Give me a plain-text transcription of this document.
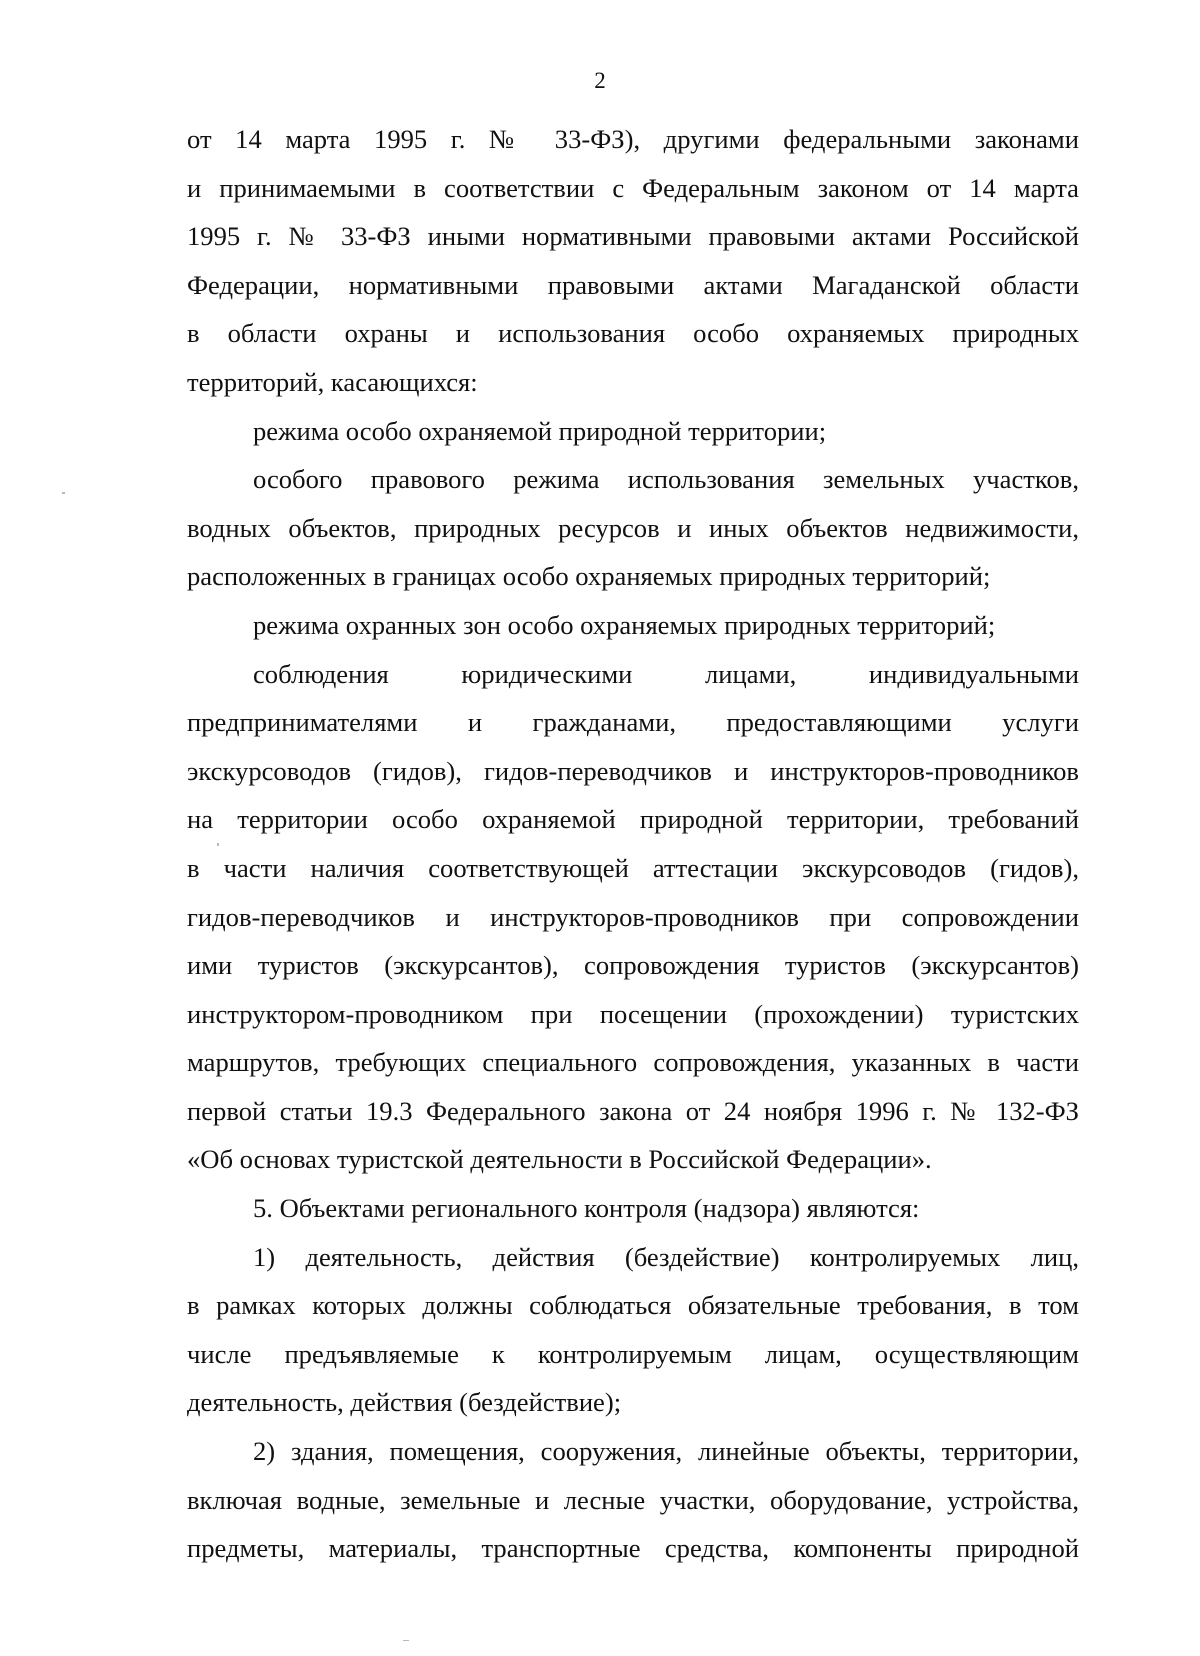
2

от 14 марта 1995 г. № 33-ФЗ), другими федеральными законами

и принимаемыми в соответствии с Федеральным законом от 14 марта

1995 г. № 33-ФЗ иными нормативными правовыми актами Российской

Федерации, нормативными правовыми актами Магаданской области

в области охраны и использования особо охраняемых природных

территорий, касающихся:

режима особо охраняемой природной территории;

особого правового режима использования земельных участков,

водных объектов, природных ресурсов и иных объектов недвижимости,

расположенных в границах особо охраняемых природных территорий;

режима охранных зон особо охраняемых природных территорий;

соблюдения юридическими лицами, индивидуальными

предпринимателями и гражданами, предоставляющими услуги

экскурсоводов (гидов), гидов-переводчиков и инструкторов-проводников

на территории особо охраняемой природной территории, требований

в части наличия соответствующей аттестации экскурсоводов (гидов),

гидов-переводчиков и инструкторов-проводников при сопровождении

ими туристов (экскурсантов), сопровождения туристов (экскурсантов)

инструктором-проводником при посещении (прохождении) туристских

маршрутов, требующих специального сопровождения, указанных в части

первой статьи 19.3 Федерального закона от 24 ноября 1996 г. № 132-ФЗ

«Об основах туристской деятельности в Российской Федерации».

5. Объектами регионального контроля (надзора) являются:

1) деятельность, действия (бездействие) контролируемых лиц,

в рамках которых должны соблюдаться обязательные требования, в том

числе предъявляемые к контролируемым лицам, осуществляющим

деятельность, действия (бездействие);

2) здания, помещения, сооружения, линейные объекты, территории,

включая водные, земельные и лесные участки, оборудование, устройства,

предметы, материалы, транспортные средства, компоненты природной
